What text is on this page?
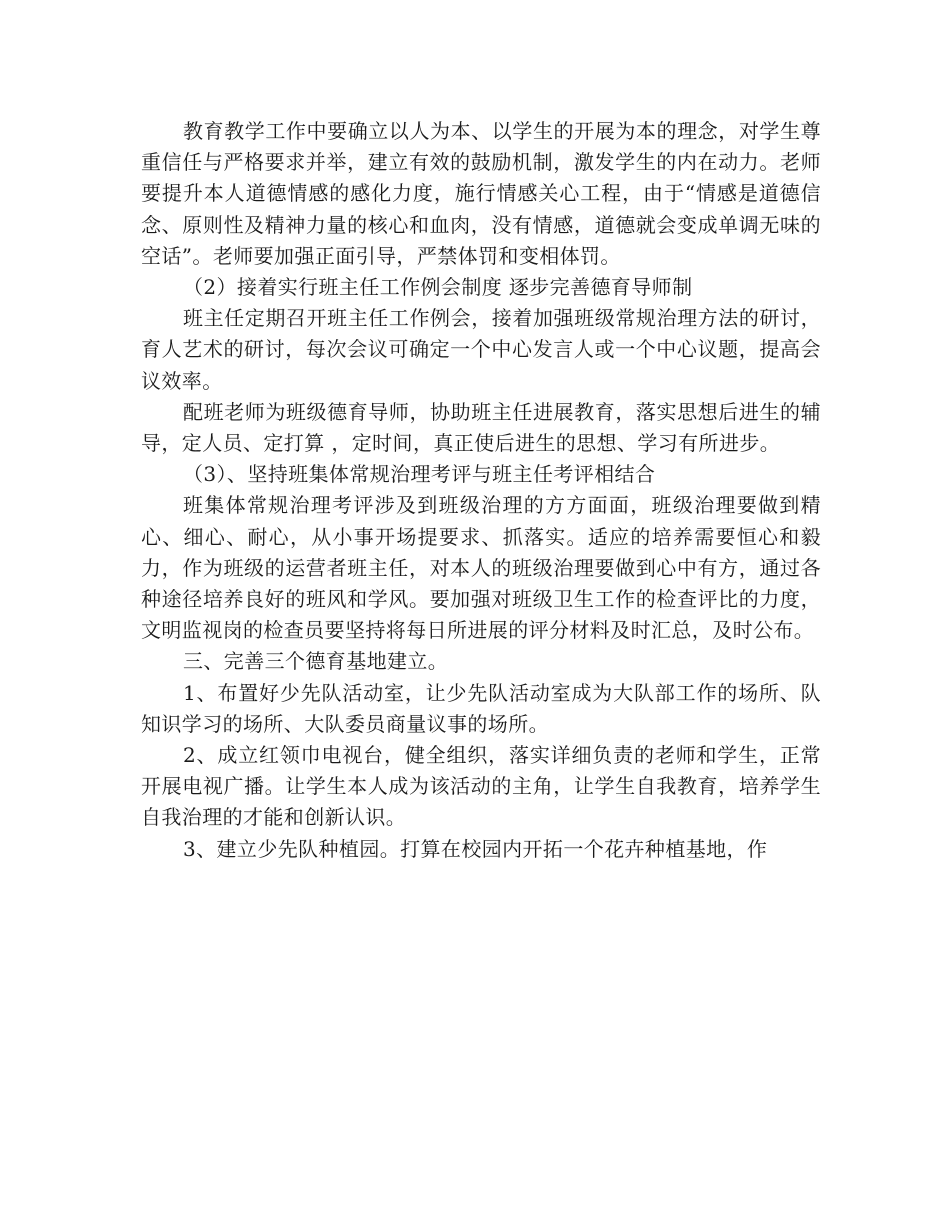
教育教学工作中要确立以人为本、以学生的开展为本的理念，对学生尊重信任与严格要求并举，建立有效的鼓励机制，激发学生的内在动力。老师要提升本人道德情感的感化力度，施行情感关心工程，由于“情感是道德信念、原则性及精神力量的核心和血肉，没有情感，道德就会变成单调无味的空话”。老师要加强正面引导，严禁体罚和变相体罚。

（2）接着实行班主任工作例会制度 逐步完善德育导师制

班主任定期召开班主任工作例会，接着加强班级常规治理方法的研讨，育人艺术的研讨，每次会议可确定一个中心发言人或一个中心议题，提高会议效率。

配班老师为班级德育导师，协助班主任进展教育，落实思想后进生的辅导，定人员、定打算 ，定时间，真正使后进生的思想、学习有所进步。

（3）、坚持班集体常规治理考评与班主任考评相结合

班集体常规治理考评涉及到班级治理的方方面面，班级治理要做到精心、细心、耐心，从小事开场提要求、抓落实。适应的培养需要恒心和毅力，作为班级的运营者班主任，对本人的班级治理要做到心中有方，通过各种途径培养良好的班风和学风。要加强对班级卫生工作的检查评比的力度，文明监视岗的检查员要坚持将每日所进展的评分材料及时汇总，及时公布。

三、完善三个德育基地建立。

1、布置好少先队活动室，让少先队活动室成为大队部工作的场所、队知识学习的场所、大队委员商量议事的场所。

2、成立红领巾电视台，健全组织，落实详细负责的老师和学生，正常开展电视广播。让学生本人成为该活动的主角，让学生自我教育，培养学生自我治理的才能和创新认识。

3、建立少先队种植园。打算在校园内开拓一个花卉种植基地，作
